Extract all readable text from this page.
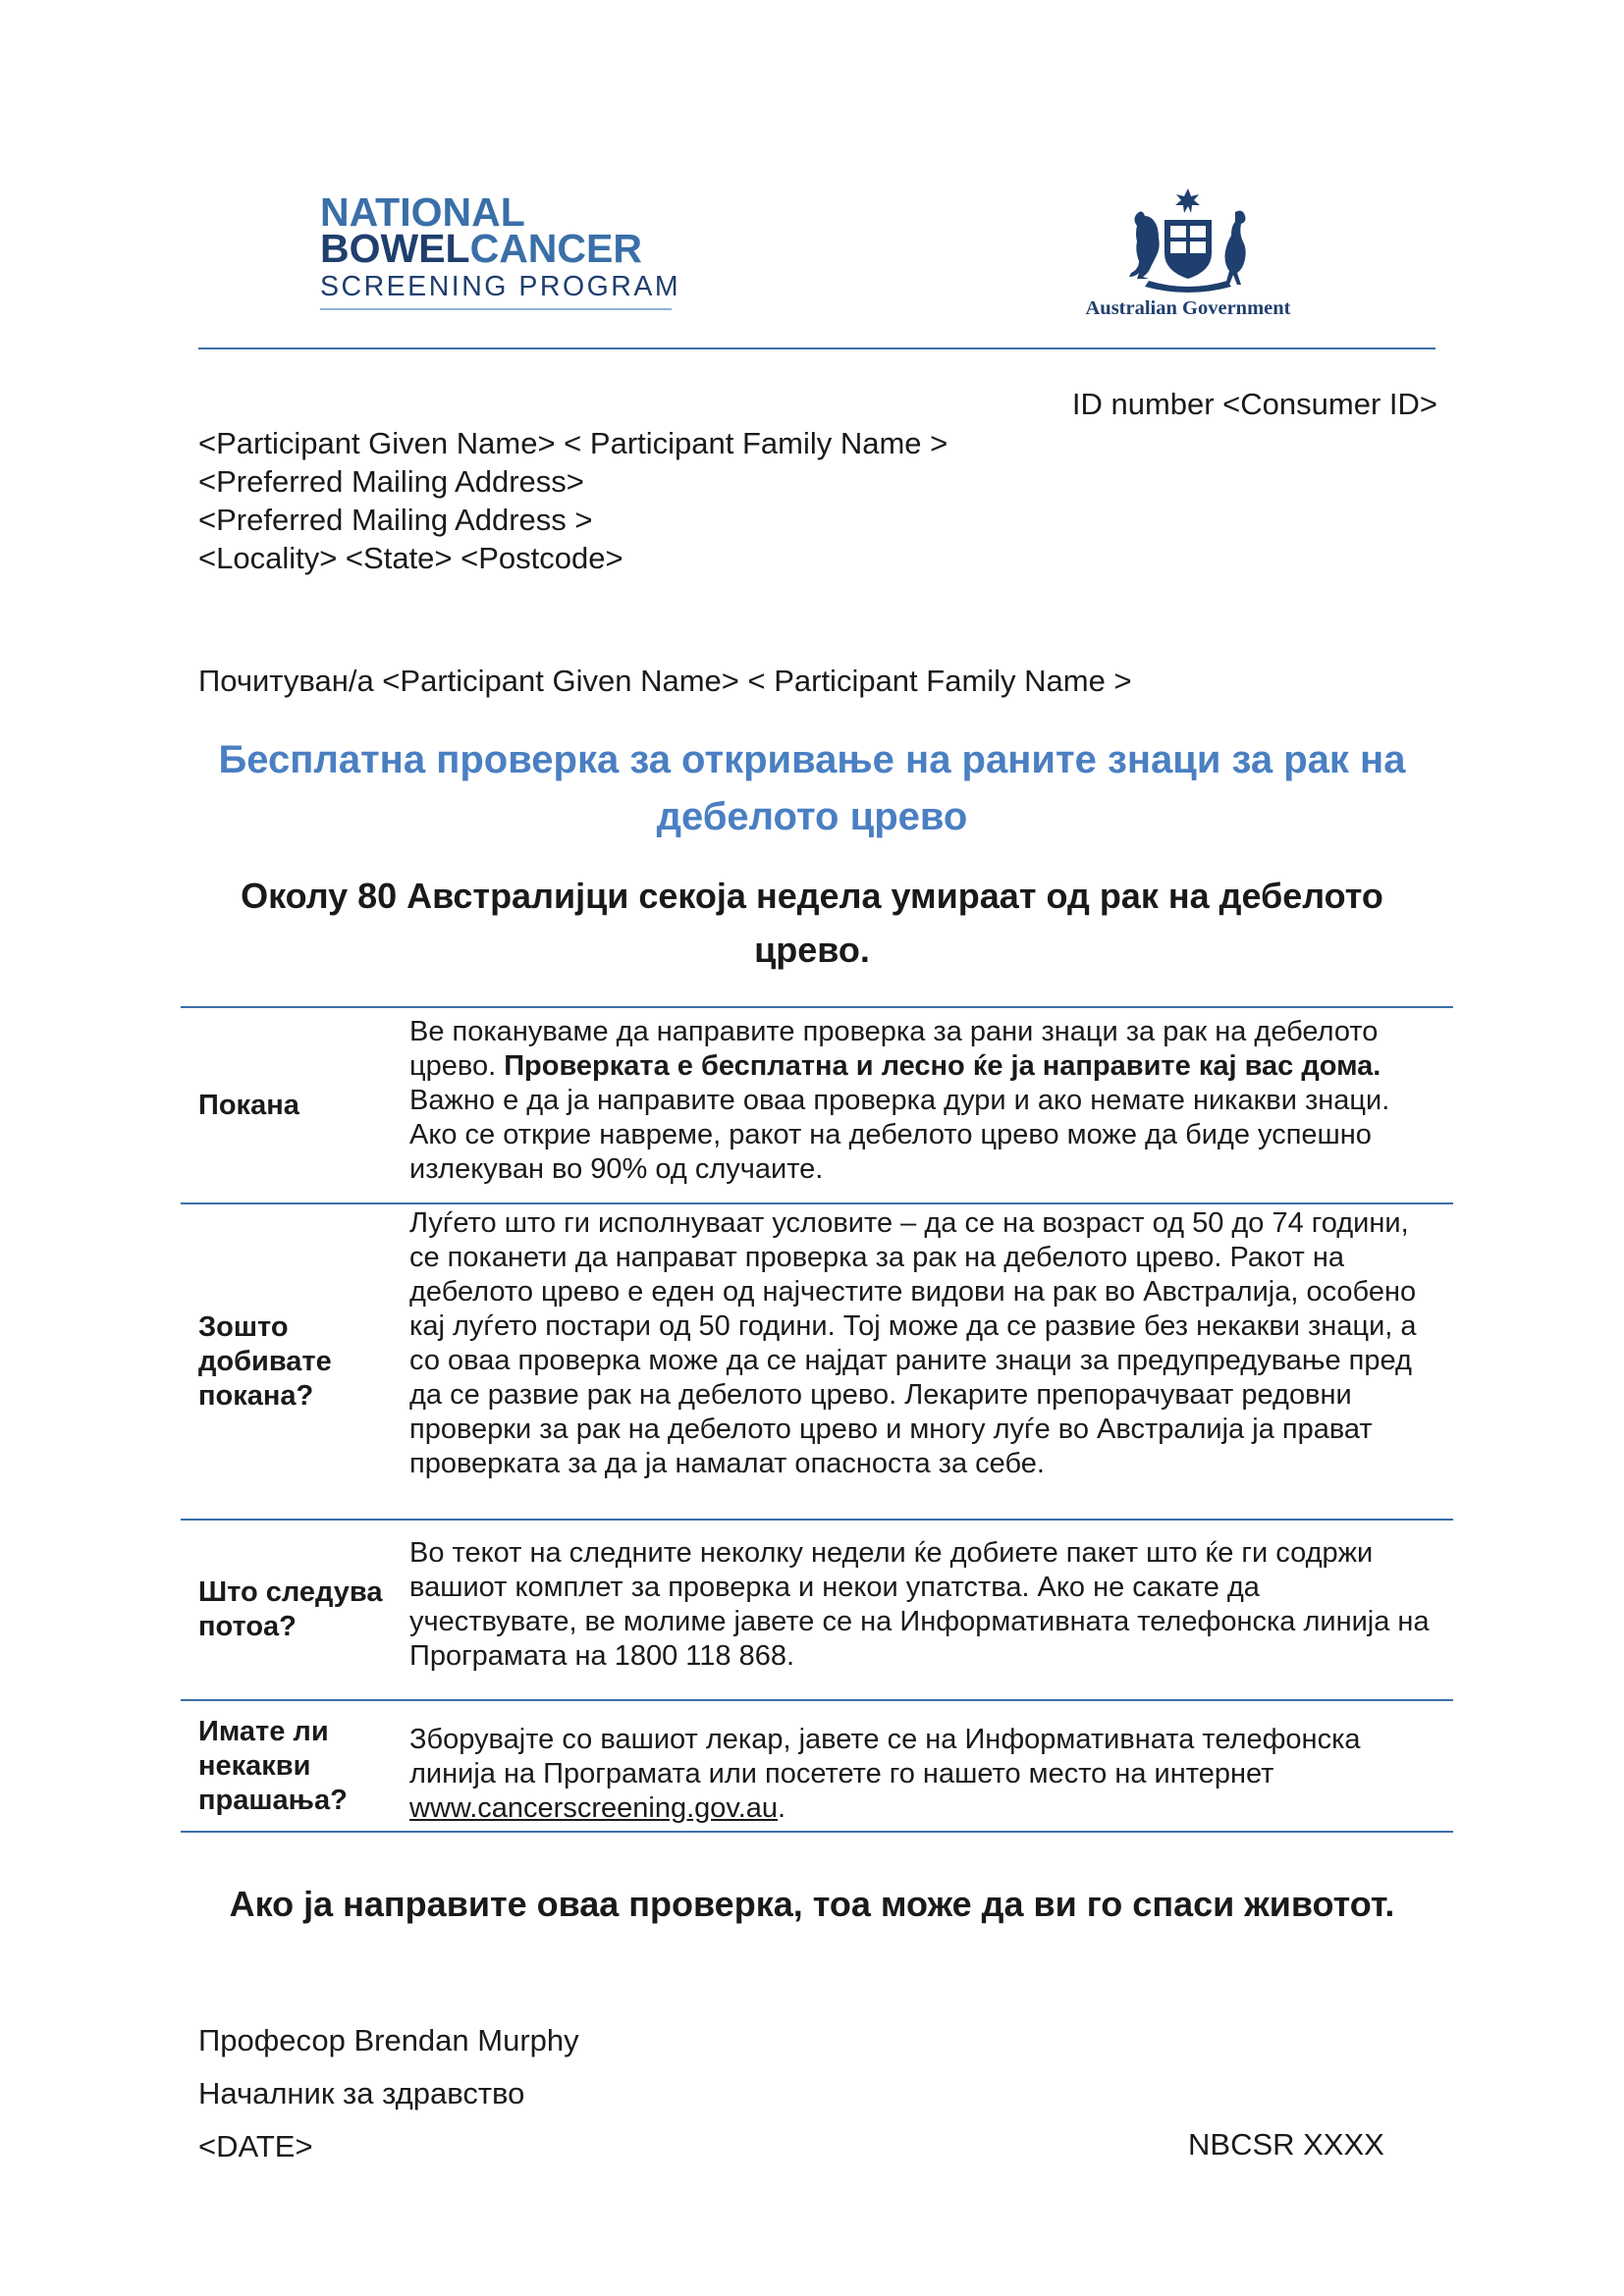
NATIONAL
BOWELCANCER
SCREENING PROGRAM
Australian Government
ID number <Consumer ID>
<Participant Given Name> < Participant Family Name >
<Preferred Mailing Address>
<Preferred Mailing Address >
<Locality> <State> <Postcode>
Почитуван/а <Participant Given Name> < Participant Family Name >
Бесплатна проверка за откривање на раните знаци за рак на дебелото црево
Околу 80 Австралијци секоја недела умираат од рак на дебелото црево.
Покана
Ве покануваме да направите проверка за рани знаци за рак на дебелото црево. Проверката е бесплатна и лесно ќе ја направите кај вас дома. Важно е да ја направите оваа проверка дури и ако немате никакви знаци. Ако се открие навреме, ракот на дебелото црево може да биде успешно излекуван во 90% од случаите.
Зошто добивате покана?
Луѓето што ги исполнуваат условите – да се на возраст од 50 до 74 години, се поканети да направат проверка за рак на дебелото црево. Ракот на дебелото црево е еден од најчестите видови на рак во Австралија, особено кај луѓето постари од 50 години. Тој може да се развие без некакви знаци, а со оваа проверка може да се најдат раните знаци за предупредување пред да се развие рак на дебелото црево. Лекарите препорачуваат редовни проверки за рак на дебелото црево и многу луѓе во Австралија ја прават проверката за да ја намалат опасноста за себе.
Што следува потоа?
Во текот на следните неколку недели ќе добиете пакет што ќе ги содржи вашиот комплет за проверка и некои упатства. Ако не сакате да учествувате, ве молиме јавете се на Информативната телефонска линија на Програмата на 1800 118 868.
Имате ли некакви прашања?
Зборувајте со вашиот лекар, јавете се на Информативната телефонска линија на Програмата или посетете го нашето место на интернет www.cancerscreening.gov.au.
Ако ја направите оваа проверка, тоа може да ви го спаси животот.
Професор Brendan Murphy
Началник за здравство
<DATE>	NBCSR XXXX
